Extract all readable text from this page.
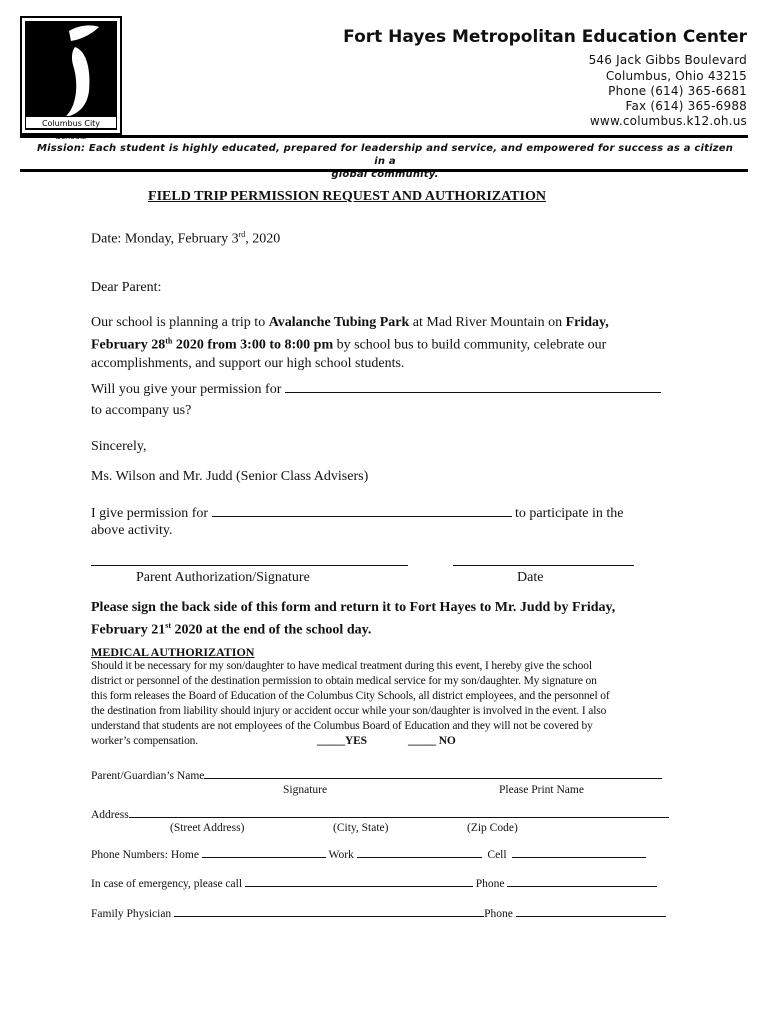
Columbus City Schools
Fort Hayes Metropolitan Education Center
546 Jack Gibbs Boulevard
Columbus, Ohio 43215
Phone (614) 365-6681
Fax (614) 365-6988
www.columbus.k12.oh.us
Mission: Each student is highly educated, prepared for leadership and service, and empowered for success as a citizen in a
global community.
FIELD TRIP PERMISSION REQUEST AND AUTHORIZATION
Date: Monday, February 3rd, 2020
Dear Parent:
Our school is planning a trip to Avalanche Tubing Park at Mad River Mountain on Friday,
February 28th 2020 from 3:00 to 8:00 pm by school bus to build community, celebrate our
accomplishments, and support our high school students.
Will you give your permission for
to accompany us?
Sincerely,
Ms. Wilson and Mr. Judd (Senior Class Advisers)
I give permission for	to participate in the
above activity.
Parent Authorization/Signature	Date
Please sign the back side of this form and return it to Fort Hayes to Mr. Judd by Friday,
February 21st 2020 at the end of the school day.
MEDICAL AUTHORIZATION
Should it be necessary for my son/daughter to have medical treatment during this event, I hereby give the school
district or personnel of the destination permission to obtain medical service for my son/daughter. My signature on
this form releases the Board of Education of the Columbus City Schools, all district employees, and the personnel of
the destination from liability should injury or accident occur while your son/daughter is involved in the event. I also
understand that students are not employees of the Columbus Board of Education and they will not be covered by
worker’s compensation.	_____YES	_____ NO
Parent/Guardian’s Name
Signature	Please Print Name
Address
(Street Address)	(City, State)	(Zip Code)
Phone Numbers: Home	Work	Cell
In case of emergency, please call	Phone
Family Physician	Phone
